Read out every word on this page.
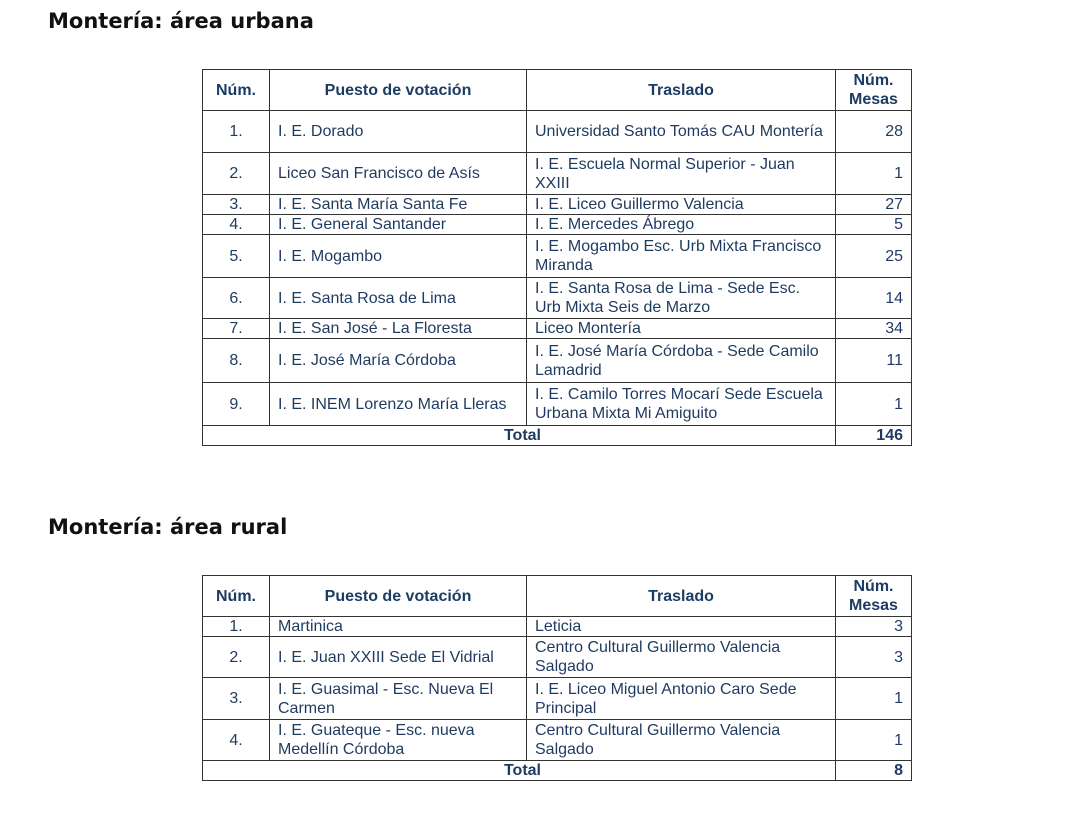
Montería: área urbana
Núm.	Puesto de votación	Traslado	Núm.
Mesas
1.	I. E. Dorado	Universidad Santo Tomás CAU Montería	28
2.	Liceo San Francisco de Asís	I. E. Escuela Normal Superior - Juan XXIII	1
3.	I. E. Santa María Santa Fe	I. E. Liceo Guillermo Valencia	27
4.	I. E. General Santander	I. E. Mercedes Ábrego	5
5.	I. E. Mogambo	I. E. Mogambo Esc. Urb Mixta Francisco Miranda	25
6.	I. E. Santa Rosa de Lima	I. E. Santa Rosa de Lima - Sede Esc. Urb Mixta Seis de Marzo	14
7.	I. E. San José - La Floresta	Liceo Montería	34
8.	I. E. José María Córdoba	I. E. José María Córdoba - Sede Camilo Lamadrid	11
9.	I. E. INEM Lorenzo María Lleras	I. E. Camilo Torres Mocarí Sede Escuela Urbana Mixta Mi Amiguito	1
Total			146
Montería: área rural
Núm.	Puesto de votación	Traslado	Núm.
Mesas
1.	Martinica	Leticia	3
2.	I. E. Juan XXIII Sede El Vidrial	Centro Cultural Guillermo Valencia Salgado	3
3.	I. E. Guasimal - Esc. Nueva El Carmen	I. E. Liceo Miguel Antonio Caro Sede Principal	1
4.	I. E. Guateque - Esc. nueva Medellín Córdoba	Centro Cultural Guillermo Valencia Salgado	1
Total			8
